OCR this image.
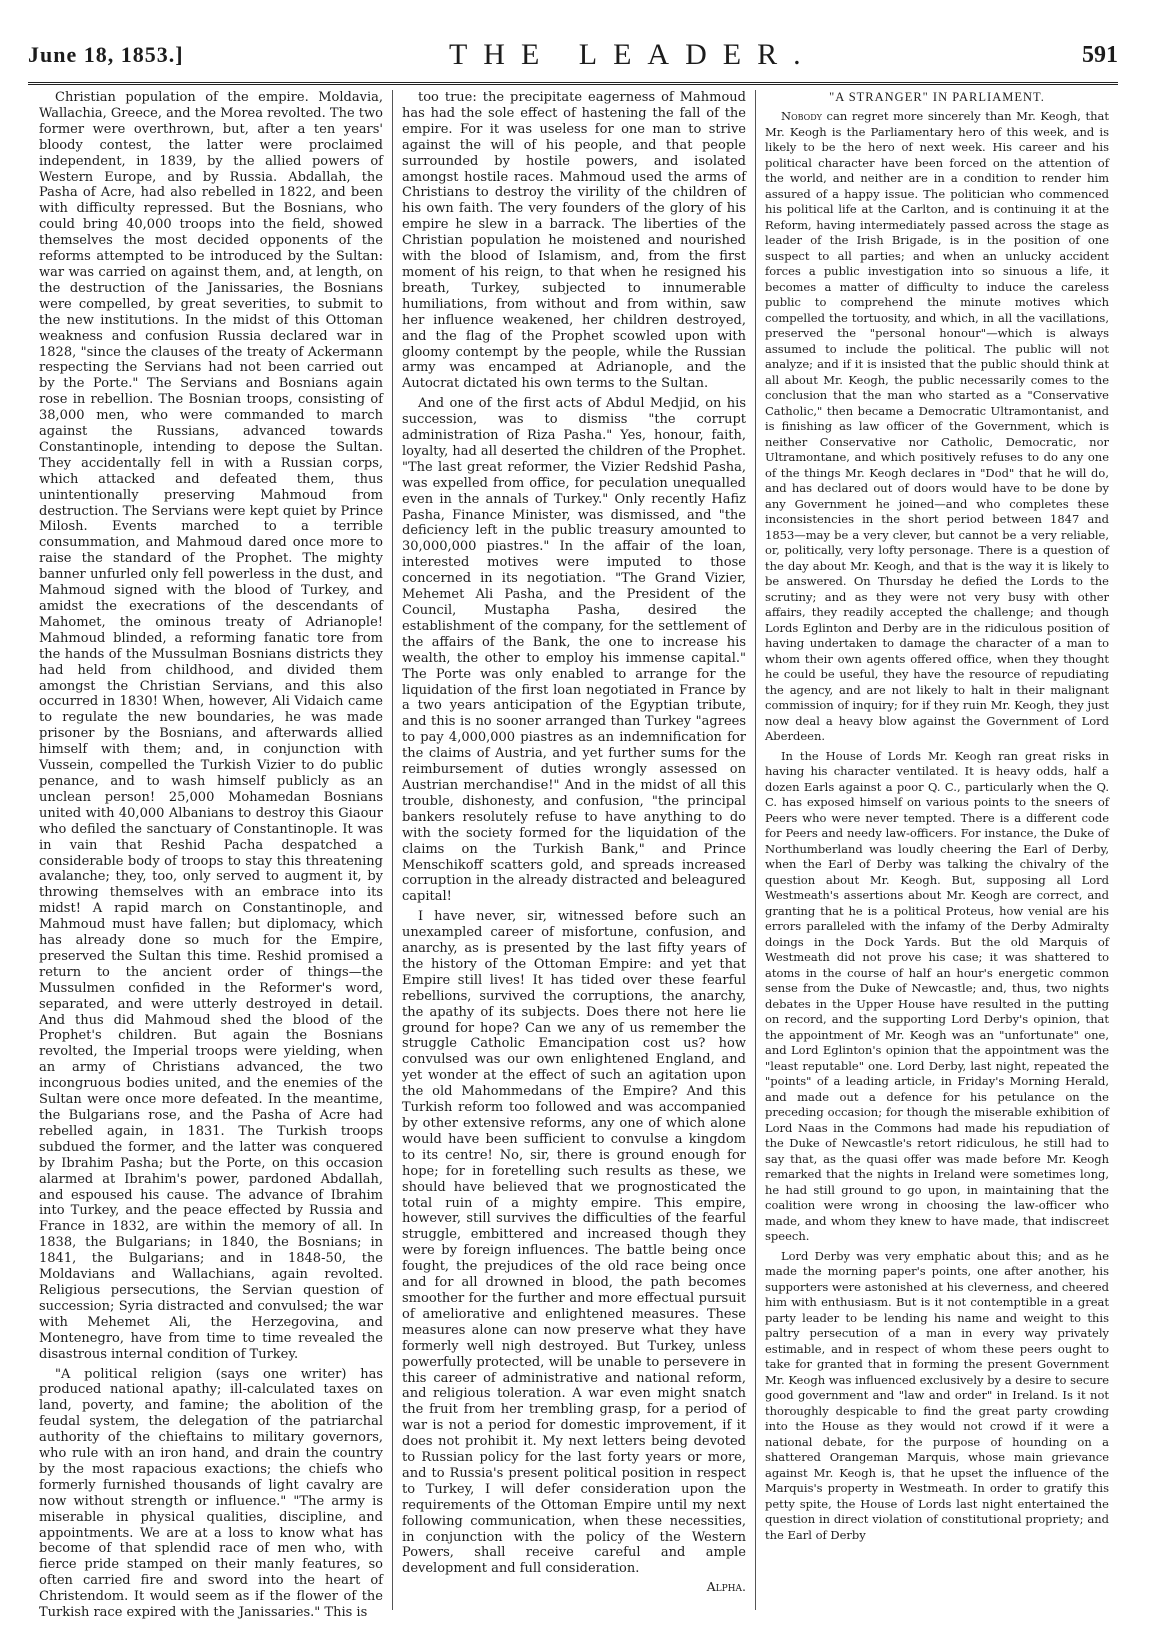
June 18, 1853.]	THE LEADER.	591

Christian population of the empire. Moldavia, Wallachia, Greece, and the Morea revolted. The two former were overthrown, but, after a ten years' bloody contest, the latter were proclaimed independent, in 1839, by the allied powers of Western Europe, and by Russia. Abdallah, the Pasha of Acre, had also rebelled in 1822, and been with difficulty repressed. But the Bosnians, who could bring 40,000 troops into the field, showed themselves the most decided opponents of the reforms attempted to be introduced by the Sultan: war was carried on against them, and, at length, on the destruction of the Janissaries, the Bosnians were compelled, by great severities, to submit to the new institutions. In the midst of this Ottoman weakness and confusion Russia declared war in 1828, "since the clauses of the treaty of Ackermann respecting the Servians had not been carried out by the Porte." The Servians and Bosnians again rose in rebellion. The Bosnian troops, consisting of 38,000 men, who were commanded to march against the Russians, advanced towards Constantinople, intending to depose the Sultan. They accidentally fell in with a Russian corps, which attacked and defeated them, thus unintentionally preserving Mahmoud from destruction. The Servians were kept quiet by Prince Milosh. Events marched to a terrible consummation, and Mahmoud dared once more to raise the standard of the Prophet. The mighty banner unfurled only fell powerless in the dust, and Mahmoud signed with the blood of Turkey, and amidst the execrations of the descendants of Mahomet, the ominous treaty of Adrianople! Mahmoud blinded, a reforming fanatic tore from the hands of the Mussulman Bosnians districts they had held from childhood, and divided them amongst the Christian Servians, and this also occurred in 1830! When, however, Ali Vidaich came to regulate the new boundaries, he was made prisoner by the Bosnians, and afterwards allied himself with them; and, in conjunction with Vussein, compelled the Turkish Vizier to do public penance, and to wash himself publicly as an unclean person! 25,000 Mohamedan Bosnians united with 40,000 Albanians to destroy this Giaour who defiled the sanctuary of Constantinople. It was in vain that Reshid Pacha despatched a considerable body of troops to stay this threatening avalanche; they, too, only served to augment it, by throwing themselves with an embrace into its midst! A rapid march on Constantinople, and Mahmoud must have fallen; but diplomacy, which has already done so much for the Empire, preserved the Sultan this time. Reshid promised a return to the ancient order of things—the Mussulmen confided in the Reformer's word, separated, and were utterly destroyed in detail. And thus did Mahmoud shed the blood of the Prophet's children. But again the Bosnians revolted, the Imperial troops were yielding, when an army of Christians advanced, the two incongruous bodies united, and the enemies of the Sultan were once more defeated. In the meantime, the Bulgarians rose, and the Pasha of Acre had rebelled again, in 1831. The Turkish troops subdued the former, and the latter was conquered by Ibrahim Pasha; but the Porte, on this occasion alarmed at Ibrahim's power, pardoned Abdallah, and espoused his cause. The advance of Ibrahim into Turkey, and the peace effected by Russia and France in 1832, are within the memory of all. In 1838, the Bulgarians; in 1840, the Bosnians; in 1841, the Bulgarians; and in 1848-50, the Moldavians and Wallachians, again revolted. Religious persecutions, the Servian question of succession; Syria distracted and convulsed; the war with Mehemet Ali, the Herzegovina, and Montenegro, have from time to time revealed the disastrous internal condition of Turkey.

"A political religion (says one writer) has produced national apathy; ill-calculated taxes on land, poverty, and famine; the abolition of the feudal system, the delegation of the patriarchal authority of the chieftains to military governors, who rule with an iron hand, and drain the country by the most rapacious exactions; the chiefs who formerly furnished thousands of light cavalry are now without strength or influence." "The army is miserable in physical qualities, discipline, and appointments. We are at a loss to know what has become of that splendid race of men who, with fierce pride stamped on their manly features, so often carried fire and sword into the heart of Christendom. It would seem as if the flower of the Turkish race expired with the Janissaries." This is

too true: the precipitate eagerness of Mahmoud has had the sole effect of hastening the fall of the empire. For it was useless for one man to strive against the will of his people, and that people surrounded by hostile powers, and isolated amongst hostile races. Mahmoud used the arms of Christians to destroy the virility of the children of his own faith. The very founders of the glory of his empire he slew in a barrack. The liberties of the Christian population he moistened and nourished with the blood of Islamism, and, from the first moment of his reign, to that when he resigned his breath, Turkey, subjected to innumerable humiliations, from without and from within, saw her influence weakened, her children destroyed, and the flag of the Prophet scowled upon with gloomy contempt by the people, while the Russian army was encamped at Adrianople, and the Autocrat dictated his own terms to the Sultan.

And one of the first acts of Abdul Medjid, on his succession, was to dismiss "the corrupt administration of Riza Pasha." Yes, honour, faith, loyalty, had all deserted the children of the Prophet. "The last great reformer, the Vizier Redshid Pasha, was expelled from office, for peculation unequalled even in the annals of Turkey." Only recently Hafiz Pasha, Finance Minister, was dismissed, and "the deficiency left in the public treasury amounted to 30,000,000 piastres." In the affair of the loan, interested motives were imputed to those concerned in its negotiation. "The Grand Vizier, Mehemet Ali Pasha, and the President of the Council, Mustapha Pasha, desired the establishment of the company, for the settlement of the affairs of the Bank, the one to increase his wealth, the other to employ his immense capital." The Porte was only enabled to arrange for the liquidation of the first loan negotiated in France by a two years anticipation of the Egyptian tribute, and this is no sooner arranged than Turkey "agrees to pay 4,000,000 piastres as an indemnification for the claims of Austria, and yet further sums for the reimbursement of duties wrongly assessed on Austrian merchandise!" And in the midst of all this trouble, dishonesty, and confusion, "the principal bankers resolutely refuse to have anything to do with the society formed for the liquidation of the claims on the Turkish Bank," and Prince Menschikoff scatters gold, and spreads increased corruption in the already distracted and beleagured capital!

I have never, sir, witnessed before such an unexampled career of misfortune, confusion, and anarchy, as is presented by the last fifty years of the history of the Ottoman Empire: and yet that Empire still lives! It has tided over these fearful rebellions, survived the corruptions, the anarchy, the apathy of its subjects. Does there not here lie ground for hope? Can we any of us remember the struggle Catholic Emancipation cost us? how convulsed was our own enlightened England, and yet wonder at the effect of such an agitation upon the old Mahommedans of the Empire? And this Turkish reform too followed and was accompanied by other extensive reforms, any one of which alone would have been sufficient to convulse a kingdom to its centre! No, sir, there is ground enough for hope; for in foretelling such results as these, we should have believed that we prognosticated the total ruin of a mighty empire. This empire, however, still survives the difficulties of the fearful struggle, embittered and increased though they were by foreign influences. The battle being once fought, the prejudices of the old race being once and for all drowned in blood, the path becomes smoother for the further and more effectual pursuit of ameliorative and enlightened measures. These measures alone can now preserve what they have formerly well nigh destroyed. But Turkey, unless powerfully protected, will be unable to persevere in this career of administrative and national reform, and religious toleration. A war even might snatch the fruit from her trembling grasp, for a period of war is not a period for domestic improvement, if it does not prohibit it. My next letters being devoted to Russian policy for the last forty years or more, and to Russia's present political position in respect to Turkey, I will defer consideration upon the requirements of the Ottoman Empire until my next following communication, when these necessities, in conjunction with the policy of the Western Powers, shall receive careful and ample development and full consideration.

Alpha.
"A STRANGER" IN PARLIAMENT.

Nobody can regret more sincerely than Mr. Keogh, that Mr. Keogh is the Parliamentary hero of this week, and is likely to be the hero of next week. His career and his political character have been forced on the attention of the world, and neither are in a condition to render him assured of a happy issue. The politician who commenced his political life at the Carlton, and is continuing it at the Reform, having intermediately passed across the stage as leader of the Irish Brigade, is in the position of one suspect to all parties; and when an unlucky accident forces a public investigation into so sinuous a life, it becomes a matter of difficulty to induce the careless public to comprehend the minute motives which compelled the tortuosity, and which, in all the vacillations, preserved the "personal honour"—which is always assumed to include the political. The public will not analyze; and if it is insisted that the public should think at all about Mr. Keogh, the public necessarily comes to the conclusion that the man who started as a "Conservative Catholic," then became a Democratic Ultramontanist, and is finishing as law officer of the Government, which is neither Conservative nor Catholic, Democratic, nor Ultramontane, and which positively refuses to do any one of the things Mr. Keogh declares in "Dod" that he will do, and has declared out of doors would have to be done by any Government he joined—and who completes these inconsistencies in the short period between 1847 and 1853—may be a very clever, but cannot be a very reliable, or, politically, very lofty personage. There is a question of the day about Mr. Keogh, and that is the way it is likely to be answered. On Thursday he defied the Lords to the scrutiny; and as they were not very busy with other affairs, they readily accepted the challenge; and though Lords Eglinton and Derby are in the ridiculous position of having undertaken to damage the character of a man to whom their own agents offered office, when they thought he could be useful, they have the resource of repudiating the agency, and are not likely to halt in their malignant commission of inquiry; for if they ruin Mr. Keogh, they just now deal a heavy blow against the Government of Lord Aberdeen.

In the House of Lords Mr. Keogh ran great risks in having his character ventilated. It is heavy odds, half a dozen Earls against a poor Q. C., particularly when the Q. C. has exposed himself on various points to the sneers of Peers who were never tempted. There is a different code for Peers and needy law-officers. For instance, the Duke of Northumberland was loudly cheering the Earl of Derby, when the Earl of Derby was talking the chivalry of the question about Mr. Keogh. But, supposing all Lord Westmeath's assertions about Mr. Keogh are correct, and granting that he is a political Proteus, how venial are his errors paralleled with the infamy of the Derby Admiralty doings in the Dock Yards. But the old Marquis of Westmeath did not prove his case; it was shattered to atoms in the course of half an hour's energetic common sense from the Duke of Newcastle; and, thus, two nights debates in the Upper House have resulted in the putting on record, and the supporting Lord Derby's opinion, that the appointment of Mr. Keogh was an "unfortunate" one, and Lord Eglinton's opinion that the appointment was the "least reputable" one. Lord Derby, last night, repeated the "points" of a leading article, in Friday's Morning Herald, and made out a defence for his petulance on the preceding occasion; for though the miserable exhibition of Lord Naas in the Commons had made his repudiation of the Duke of Newcastle's retort ridiculous, he still had to say that, as the quasi offer was made before Mr. Keogh remarked that the nights in Ireland were sometimes long, he had still ground to go upon, in maintaining that the coalition were wrong in choosing the law-officer who made, and whom they knew to have made, that indiscreet speech.

Lord Derby was very emphatic about this; and as he made the morning paper's points, one after another, his supporters were astonished at his cleverness, and cheered him with enthusiasm. But is it not contemptible in a great party leader to be lending his name and weight to this paltry persecution of a man in every way privately estimable, and in respect of whom these peers ought to take for granted that in forming the present Government Mr. Keogh was influenced exclusively by a desire to secure good government and "law and order" in Ireland. Is it not thoroughly despicable to find the great party crowding into the House as they would not crowd if it were a national debate, for the purpose of hounding on a shattered Orangeman Marquis, whose main grievance against Mr. Keogh is, that he upset the influence of the Marquis's property in Westmeath. In order to gratify this petty spite, the House of Lords last night entertained the question in direct violation of constitutional propriety; and the Earl of Derby
